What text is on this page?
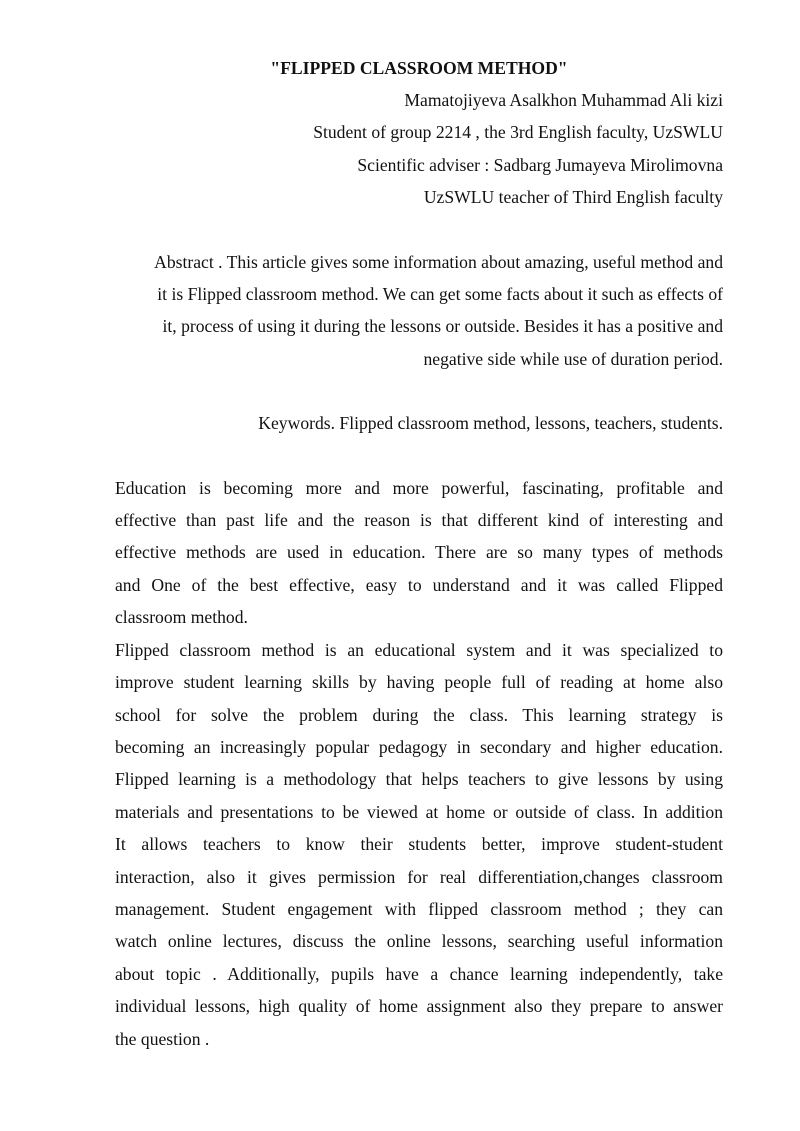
"FLIPPED CLASSROOM METHOD"
Mamatojiyeva Asalkhon Muhammad Ali kizi
Student of group 2214 , the 3rd English faculty, UzSWLU
Scientific adviser : Sadbarg Jumayeva Mirolimovna
UzSWLU teacher of Third English faculty
Abstract . This article gives some information about amazing, useful method and
it is Flipped classroom method. We can get some facts about it such as effects of
it, process of using it during the lessons or outside. Besides it has a positive and
negative side while use of duration period.
Keywords. Flipped classroom method, lessons, teachers, students.
Education is becoming more and more powerful, fascinating, profitable and
effective than past life and the reason is that different kind of interesting and
effective methods are used in education. There are so many types of methods
and One of the best effective, easy to understand and it was called Flipped
classroom method.
Flipped classroom method is an educational system and it was specialized to
improve student learning skills by having people full of reading at home also
school for solve the problem during the class. This learning strategy is
becoming an increasingly popular pedagogy in secondary and higher education.
Flipped learning is a methodology that helps teachers to give lessons by using
materials and presentations to be viewed at home or outside of class. In addition
It allows teachers to know their students better, improve student-student
interaction, also it gives permission for real differentiation,changes classroom
management. Student engagement with flipped classroom method ; they can
watch online lectures, discuss the online lessons, searching useful information
about topic . Additionally, pupils have a chance learning independently, take
individual lessons, high quality of home assignment also they prepare to answer
the question .
